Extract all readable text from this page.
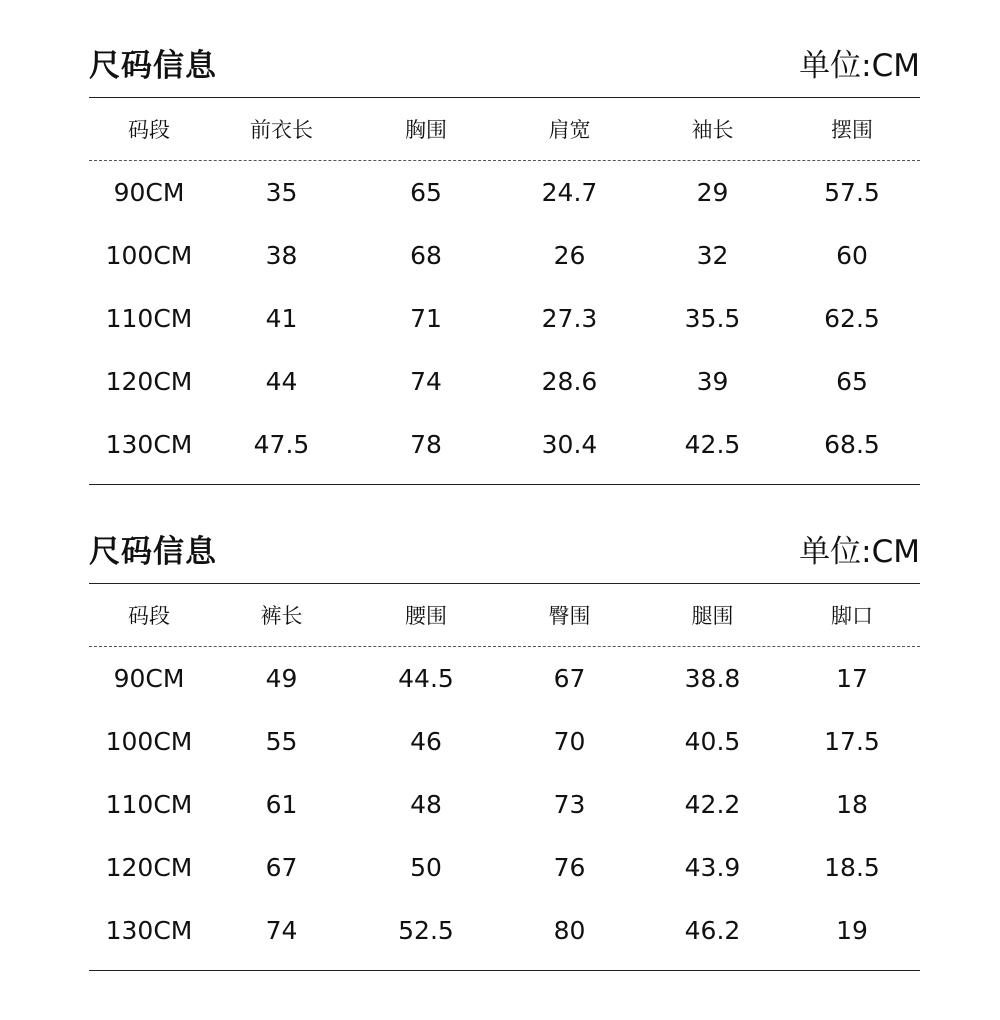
尺码信息	单位:CM
码段	前衣长	胸围	肩宽	袖长	摆围
90CM	35	65	24.7	29	57.5
100CM	38	68	26	32	60
110CM	41	71	27.3	35.5	62.5
120CM	44	74	28.6	39	65
130CM	47.5	78	30.4	42.5	68.5
尺码信息	单位:CM
码段	裤长	腰围	臀围	腿围	脚口
90CM	49	44.5	67	38.8	17
100CM	55	46	70	40.5	17.5
110CM	61	48	73	42.2	18
120CM	67	50	76	43.9	18.5
130CM	74	52.5	80	46.2	19
